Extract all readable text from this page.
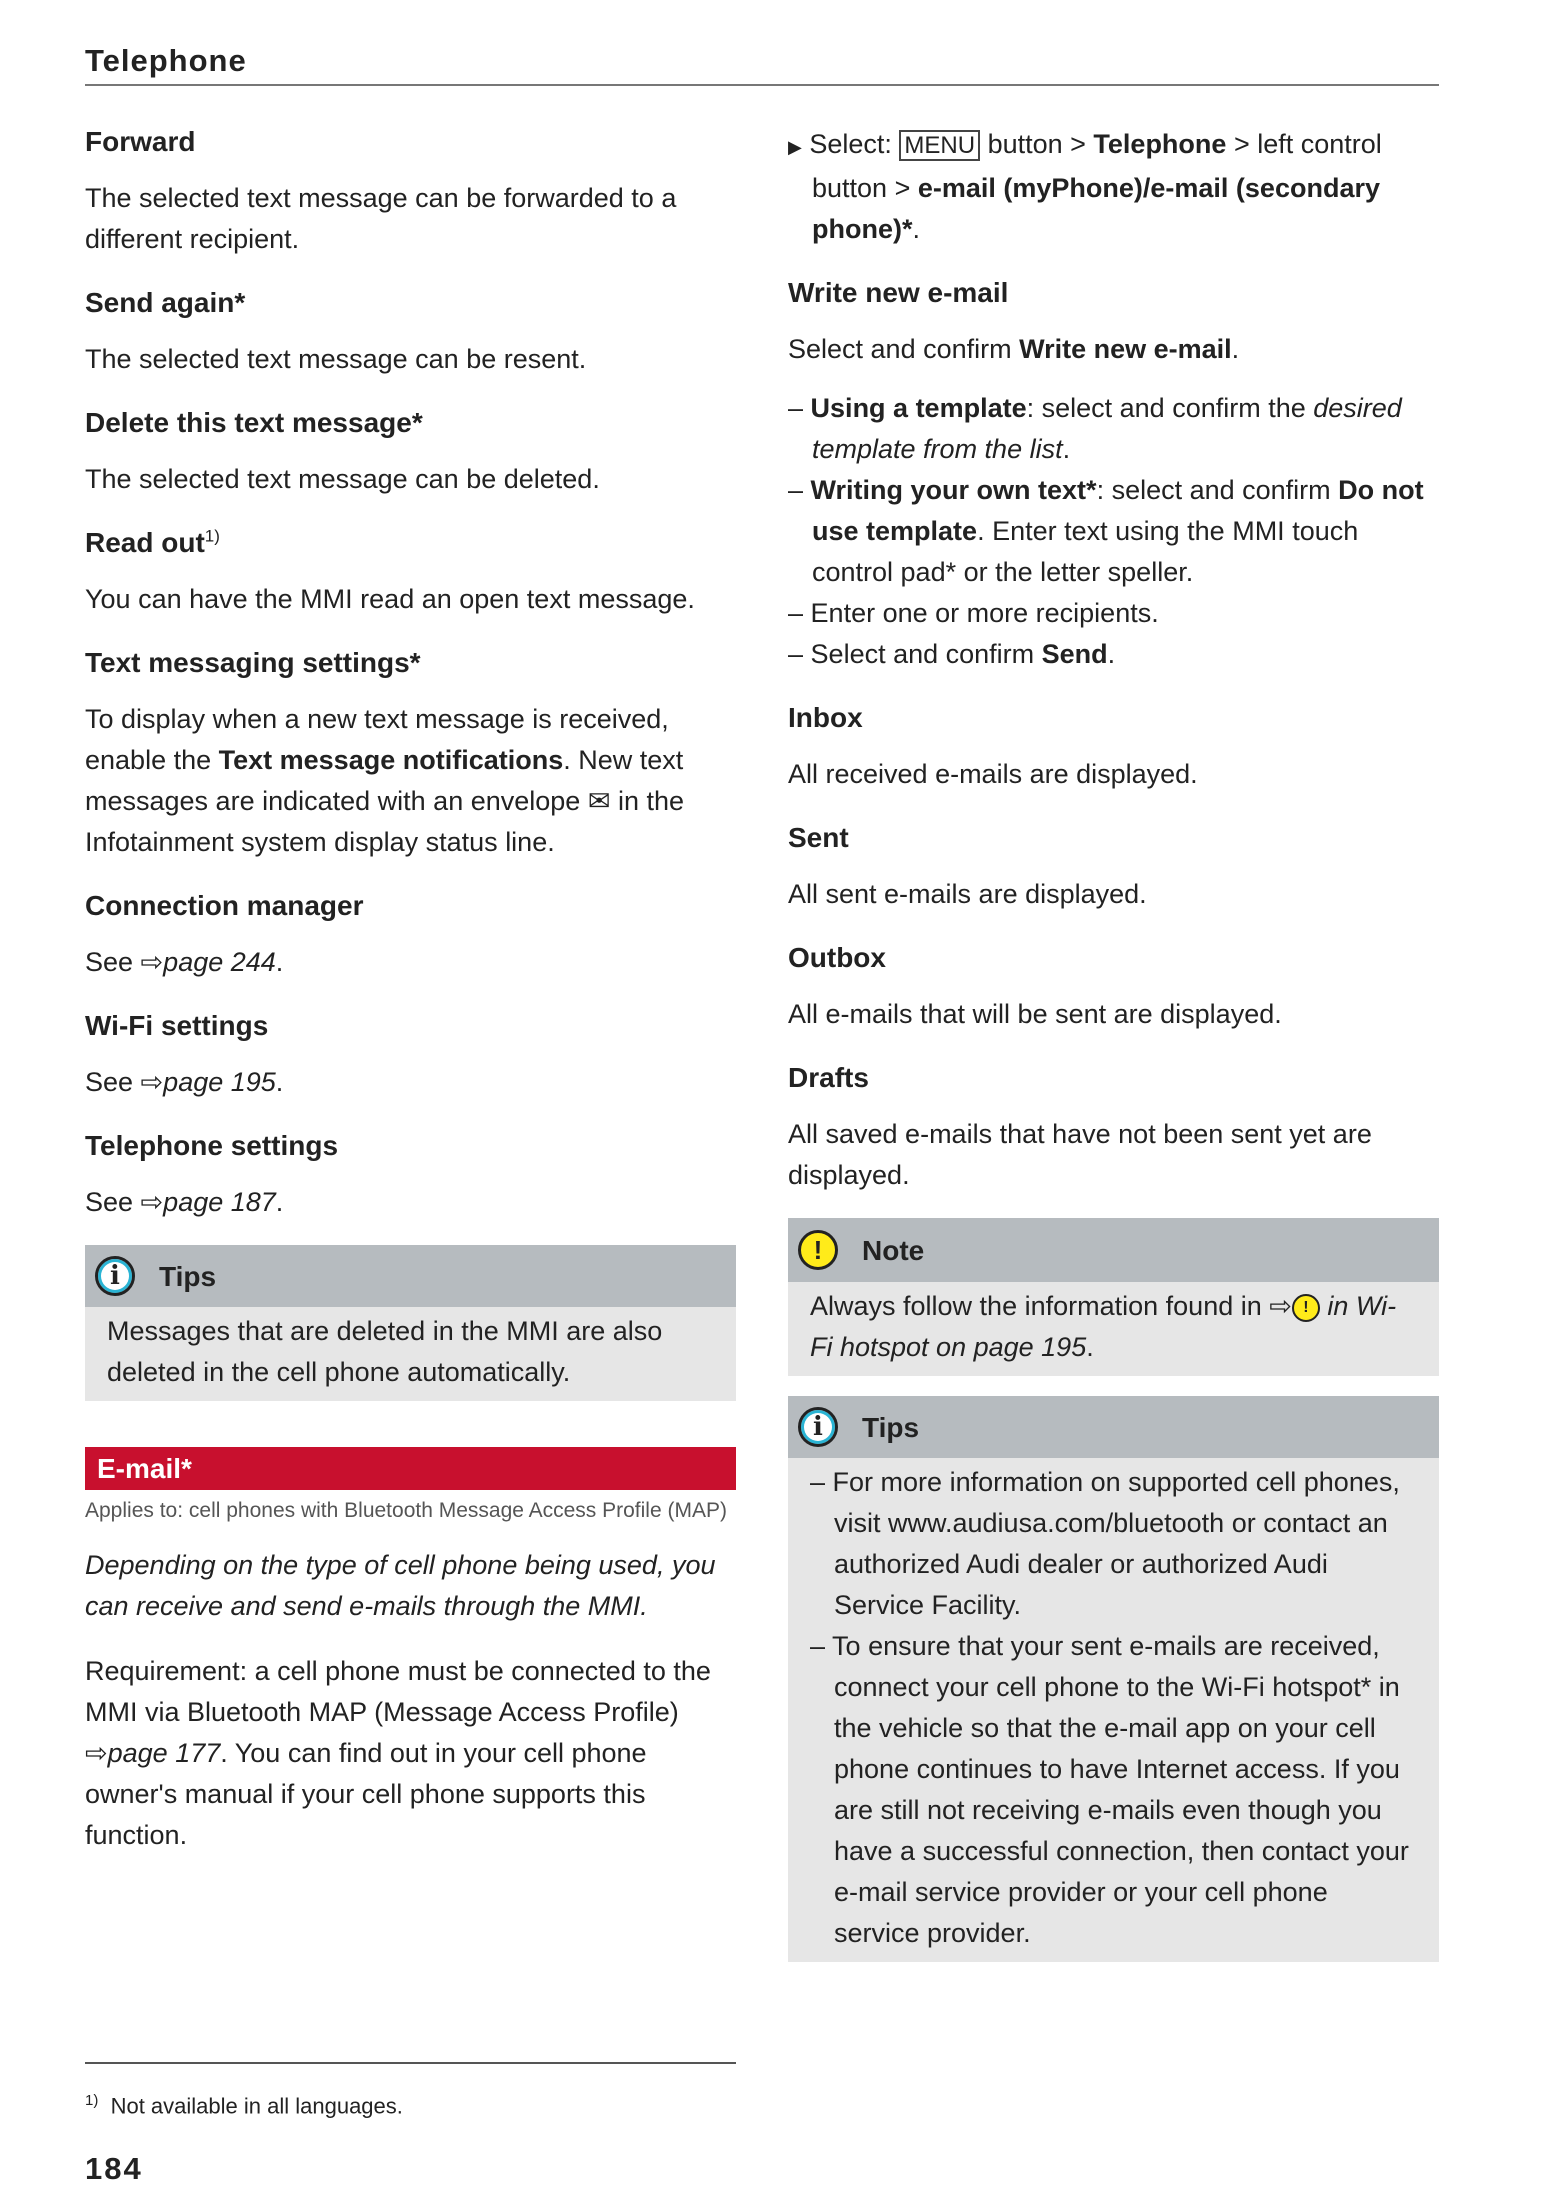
Telephone
Forward

The selected text message can be forwarded to a different recipient.

Send again*

The selected text message can be resent.

Delete this text message*

The selected text message can be deleted.

Read out$^{1)}$

You can have the MMI read an open text message.

Text messaging settings*

To display when a new text message is received, enable the Text message notifications. New text messages are indicated with an envelope ✉ in the Infotainment system display status line.

Connection manager

See ⇨page 244.

Wi-Fi settings

See ⇨page 195.

Telephone settings

See ⇨page 187.

i	Tips
Messages that are deleted in the MMI are also deleted in the cell phone automatically.
E-mail*

Applies to: cell phones with Bluetooth Message Access Profile (MAP)

Depending on the type of cell phone being used, you can receive and send e-mails through the MMI.

Requirement: a cell phone must be connected to the MMI via Bluetooth MAP (Message Access Profile) ⇨page 177. You can find out in your cell phone owner's manual if your cell phone supports this function.

$^{1)}$ Not available in all languages.

184

▶ Select: MENU button > Telephone > left control button > e-mail (myPhone)/e-mail (secondary phone)*.

Write new e-mail

Select and confirm Write new e-mail.

– Using a template: select and confirm the desired template from the list.

– Writing your own text*: select and confirm Do not use template. Enter text using the MMI touch control pad* or the letter speller.

– Enter one or more recipients.

– Select and confirm Send.

Inbox

All received e-mails are displayed.

Sent

All sent e-mails are displayed.

Outbox

All e-mails that will be sent are displayed.

Drafts

All saved e-mails that have not been sent yet are displayed.

!	Note
Always follow the information found in ⇨ ! in Wi-Fi hotspot on page 195.
i	Tips

– For more information on supported cell phones, visit www.audiusa.com/bluetooth or contact an authorized Audi dealer or authorized Audi Service Facility.

– To ensure that your sent e-mails are received, connect your cell phone to the Wi-Fi hotspot* in the vehicle so that the e-mail app on your cell phone continues to have Internet access. If you are still not receiving e-mails even though you have a successful connection, then contact your e-mail service provider or your cell phone service provider.
